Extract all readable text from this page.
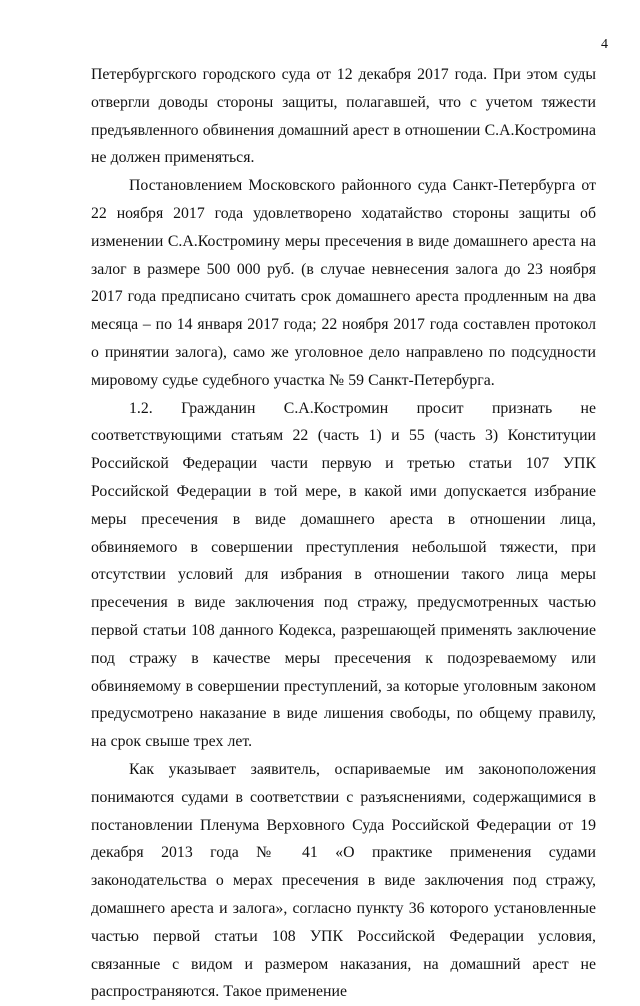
4

Петербургского городского суда от 12 декабря 2017 года. При этом суды отвергли доводы стороны защиты, полагавшей, что с учетом тяжести предъявленного обвинения домашний арест в отношении С.А.Костромина не должен применяться.

Постановлением Московского районного суда Санкт-Петербурга от 22 ноября 2017 года удовлетворено ходатайство стороны защиты об изменении С.А.Костромину меры пресечения в виде домашнего ареста на залог в размере 500 000 руб. (в случае невнесения залога до 23 ноября 2017 года предписано считать срок домашнего ареста продленным на два месяца – по 14 января 2017 года; 22 ноября 2017 года составлен протокол о принятии залога), само же уголовное дело направлено по подсудности мировому судье судебного участка № 59 Санкт-Петербурга.

1.2. Гражданин С.А.Костромин просит признать не соответствующими статьям 22 (часть 1) и 55 (часть 3) Конституции Российской Федерации части первую и третью статьи 107 УПК Российской Федерации в той мере, в какой ими допускается избрание меры пресечения в виде домашнего ареста в отношении лица, обвиняемого в совершении преступления небольшой тяжести, при отсутствии условий для избрания в отношении такого лица меры пресечения в виде заключения под стражу, предусмотренных частью первой статьи 108 данного Кодекса, разрешающей применять заключение под стражу в качестве меры пресечения к подозреваемому или обвиняемому в совершении преступлений, за которые уголовным законом предусмотрено наказание в виде лишения свободы, по общему правилу, на срок свыше трех лет.

Как указывает заявитель, оспариваемые им законоположения понимаются судами в соответствии с разъяснениями, содержащимися в постановлении Пленума Верховного Суда Российской Федерации от 19 декабря 2013 года № 41 «О практике применения судами законодательства о мерах пресечения в виде заключения под стражу, домашнего ареста и залога», согласно пункту 36 которого установленные частью первой статьи 108 УПК Российской Федерации условия, связанные с видом и размером наказания, на домашний арест не распространяются. Такое применение
